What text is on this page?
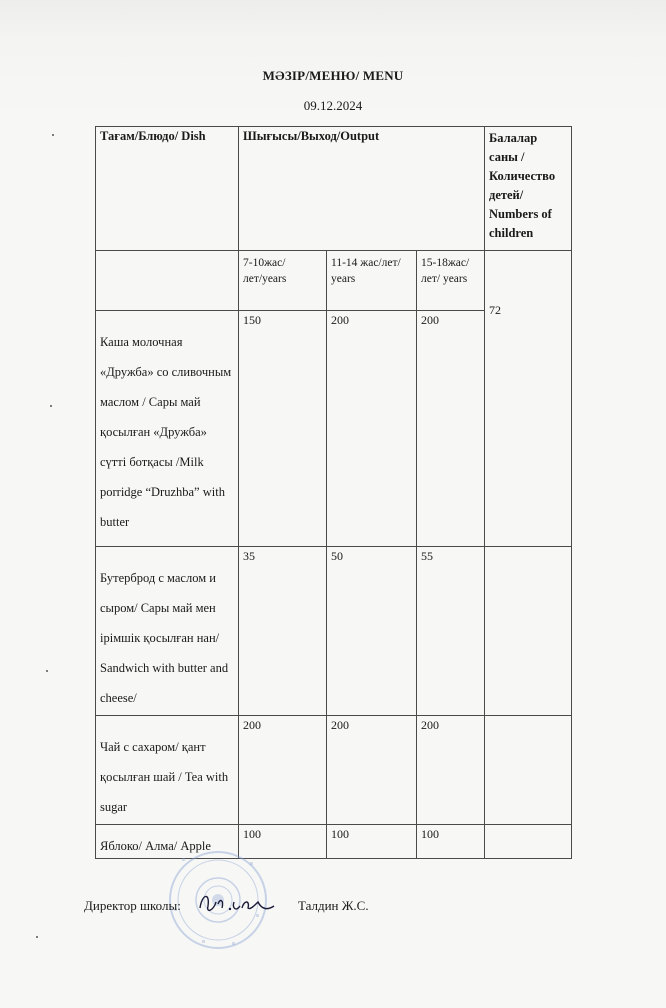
МӘЗІР/МЕНЮ/ MENU
09.12.2024
Тағам/Блюдо/ Dish	Шығысы/Выход/Output			Балалар саны /Количество детей/ Numbers of children
	7-10жас/лет/years	11-14 жас/лет/ years	15-18жас/лет/ years	72
Каша молочная «Дружба» со сливочным маслом / Сары май қосылған «Дружба» сүтті ботқасы /Milk porridge “Druzhba” with butter	150	200	200	
Бутерброд с маслом и сыром/ Сары май мен ірімшік қосылған нан/ Sandwich with butter and cheese/	35	50	55	
Чай с сахаром/ қант қосылған шай / Tea with sugar	200	200	200	
Яблоко/ Алма/ Apple	100	100	100	
Директор школы:	Талдин Ж.С.
